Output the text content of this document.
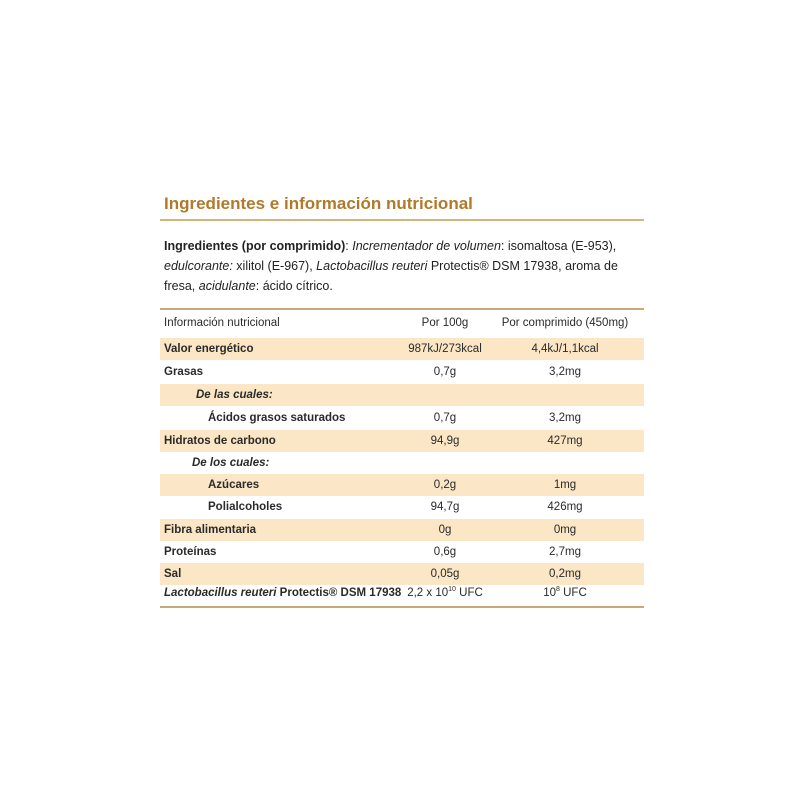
Ingredientes e información nutricional
Ingredientes (por comprimido): Incrementador de volumen: isomaltosa (E-953), edulcorante: xilitol (E-967), Lactobacillus reuteri Protectis® DSM 17938, aroma de fresa, acidulante: ácido cítrico.
Información nutricional	Por 100g	Por comprimido (450mg)
Valor energético	987kJ/273kcal	4,4kJ/1,1kcal
Grasas	0,7g	3,2mg
De las cuales:
Ácidos grasos saturados	0,7g	3,2mg
Hidratos de carbono	94,9g	427mg
De los cuales:
Azúcares	0,2g	1mg
Polialcoholes	94,7g	426mg
Fibra alimentaria	0g	0mg
Proteínas	0,6g	2,7mg
Sal	0,05g	0,2mg
Lactobacillus reuteri Protectis® DSM 17938 2,2 x $10^{10}$ UFC	$10^8$ UFC
